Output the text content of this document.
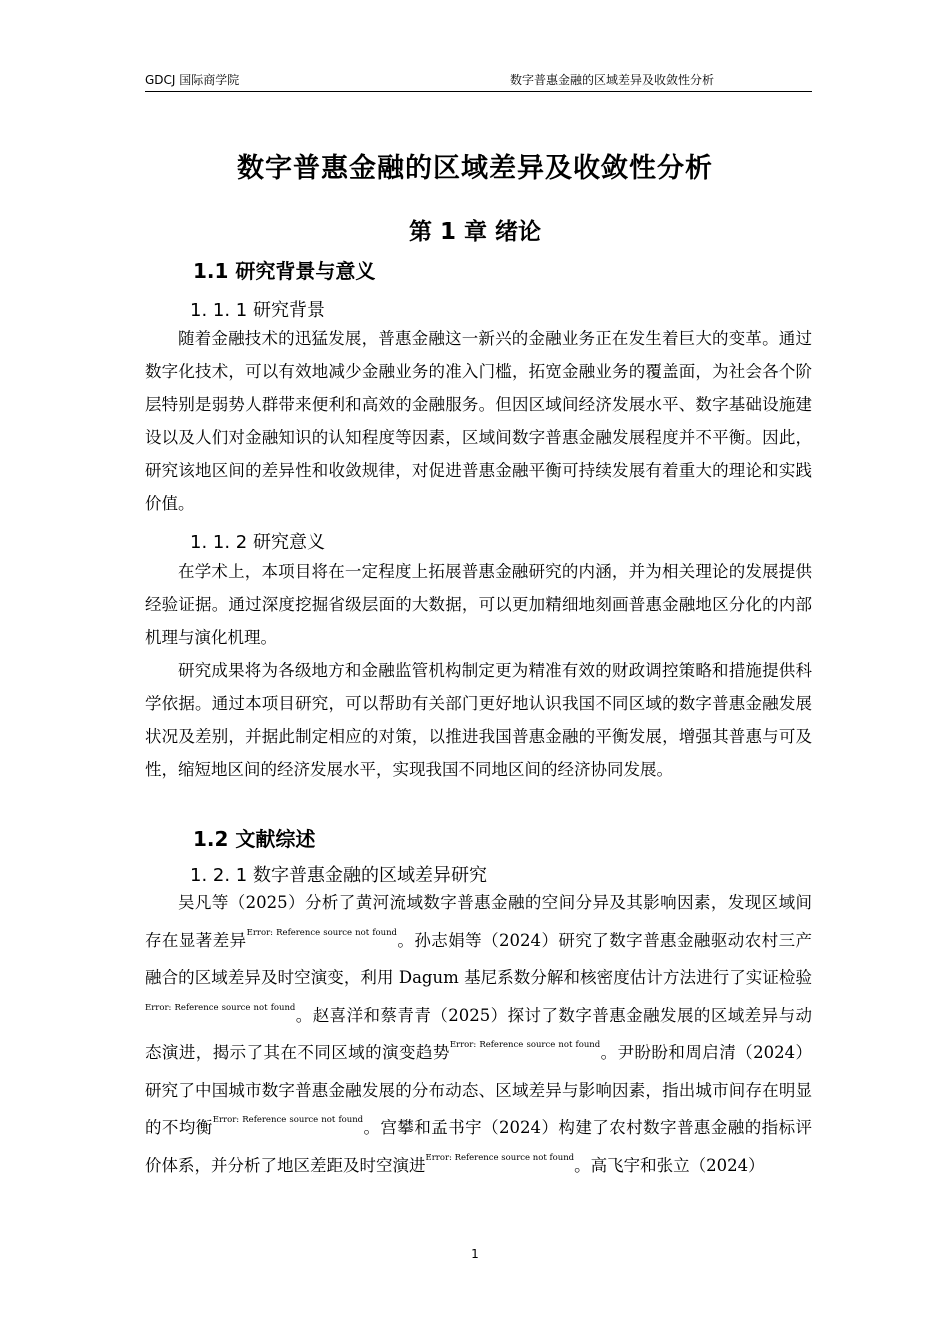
GDCJ 国际商学院	数字普惠金融的区域差异及收敛性分析
数字普惠金融的区域差异及收敛性分析
第 1 章 绪论
1.1 研究背景与意义
1. 1. 1 研究背景

随着金融技术的迅猛发展，普惠金融这一新兴的金融业务正在发生着巨大的变革。通过数字化技术，可以有效地减少金融业务的准入门槛，拓宽金融业务的覆盖面，为社会各个阶层特别是弱势人群带来便利和高效的金融服务。但因区域间经济发展水平、数字基础设施建设以及人们对金融知识的认知程度等因素，区域间数字普惠金融发展程度并不平衡。因此，研究该地区间的差异性和收敛规律，对促进普惠金融平衡可持续发展有着重大的理论和实践价值。

1. 1. 2 研究意义

在学术上，本项目将在一定程度上拓展普惠金融研究的内涵，并为相关理论的发展提供经验证据。通过深度挖掘省级层面的大数据，可以更加精细地刻画普惠金融地区分化的内部机理与演化机理。

研究成果将为各级地方和金融监管机构制定更为精准有效的财政调控策略和措施提供科学依据。通过本项目研究，可以帮助有关部门更好地认识我国不同区域的数字普惠金融发展状况及差别，并据此制定相应的对策，以推进我国普惠金融的平衡发展，增强其普惠与可及性，缩短地区间的经济发展水平，实现我国不同地区间的经济协同发展。

1.2 文献综述
1. 2. 1 数字普惠金融的区域差异研究

吴凡等（2025）分析了黄河流域数字普惠金融的空间分异及其影响因素，发现区域间存在显著差异$^{Error: Reference source not found}$。孙志娟等（2024）研究了数字普惠金融驱动农村三产融合的区域差异及时空演变，利用 Dagum 基尼系数分解和核密度估计方法进行了实证检验$^{Error: Reference source not found}$。赵喜洋和蔡青青（2025）探讨了数字普惠金融发展的区域差异与动态演进，揭示了其在不同区域的演变趋势$^{Error: Reference source not found}$。尹盼盼和周启清（2024）研究了中国城市数字普惠金融发展的分布动态、区域差异与影响因素，指出城市间存在明显的不均衡$^{Error: Reference source not found}$。宫攀和孟书宇（2024）构建了农村数字普惠金融的指标评价体系，并分析了地区差距及时空演进$^{Error: Reference source not found}$。高飞宇和张立（2024）

1
